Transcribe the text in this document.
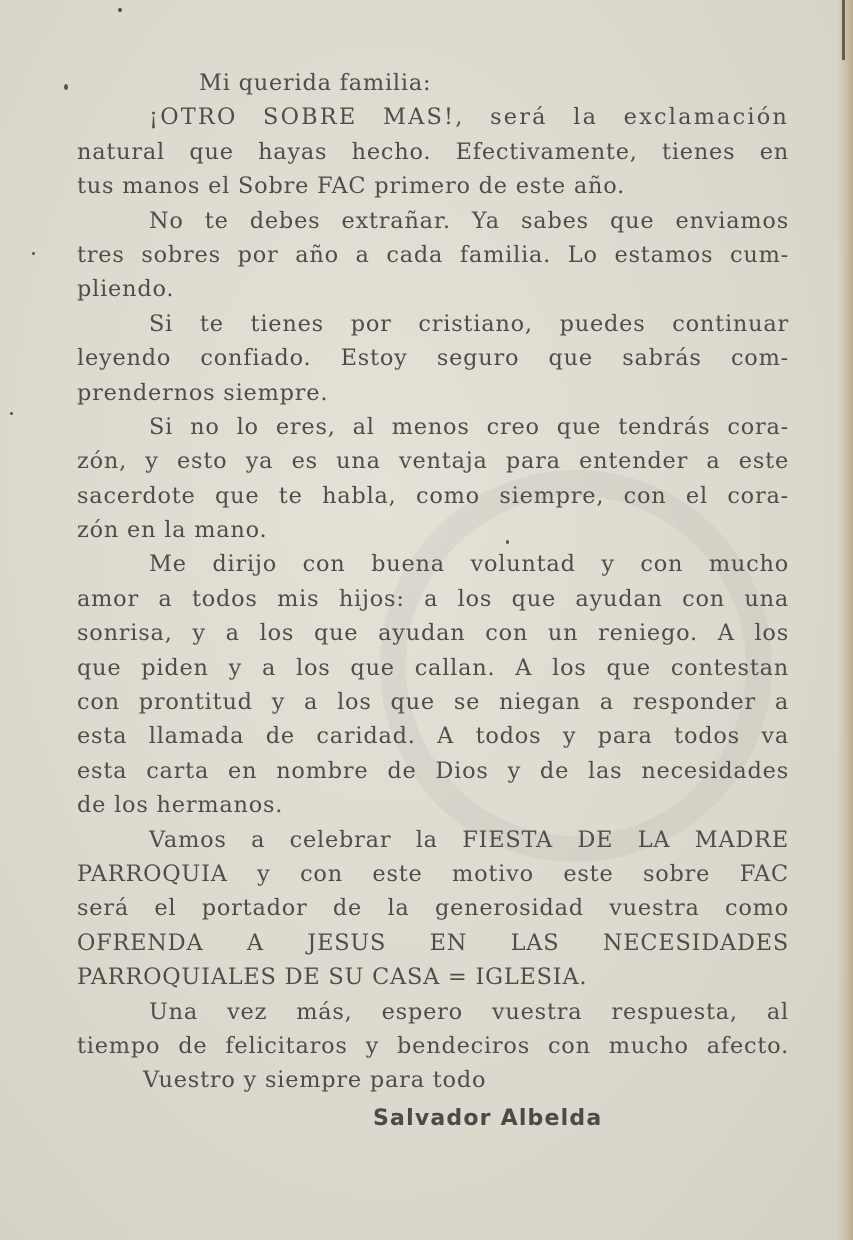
Mi querida familia:
¡OTRO SOBRE MAS!, será la exclamación
natural que hayas hecho. Efectivamente, tienes en
tus manos el Sobre FAC primero de este año.
No te debes extrañar. Ya sabes que enviamos
tres sobres por año a cada familia. Lo estamos cum-
pliendo.
Si te tienes por cristiano, puedes continuar
leyendo confiado. Estoy seguro que sabrás com-
prendernos siempre.
Si no lo eres, al menos creo que tendrás cora-
zón, y esto ya es una ventaja para entender a este
sacerdote que te habla, como siempre, con el cora-
zón en la mano.
Me dirijo con buena voluntad y con mucho
amor a todos mis hijos: a los que ayudan con una
sonrisa, y a los que ayudan con un reniego. A los
que piden y a los que callan. A los que contestan
con prontitud y a los que se niegan a responder a
esta llamada de caridad. A todos y para todos va
esta carta en nombre de Dios y de las necesidades
de los hermanos.
Vamos a celebrar la FIESTA DE LA MADRE
PARROQUIA y con este motivo este sobre FAC
será el portador de la generosidad vuestra como
OFRENDA A JESUS EN LAS NECESIDADES
PARROQUIALES DE SU CASA = IGLESIA.
Una vez más, espero vuestra respuesta, al
tiempo de felicitaros y bendeciros con mucho afecto.
Vuestro y siempre para todo
Salvador Albelda
